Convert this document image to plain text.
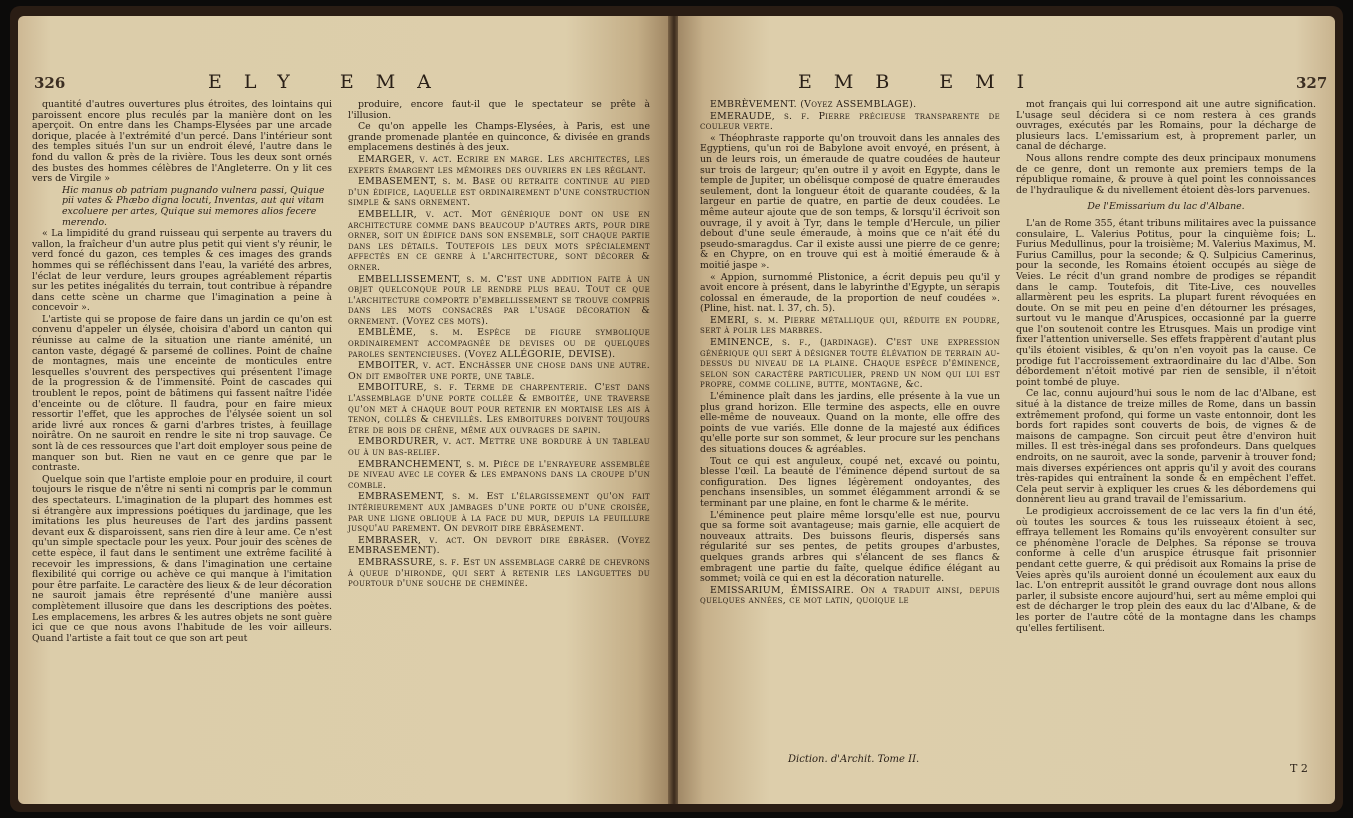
326	ELY EMA

quantité d'autres ouvertures plus étroites, des lointains qui paroissent encore plus reculés par la manière dont on les aperçoit. On entre dans les Champs-Elysées par une arcade dorique, placée à l'extrémité d'un percé. Dans l'intérieur sont des temples situés l'un sur un endroit élevé, l'autre dans le fond du vallon & près de la rivière. Tous les deux sont ornés des bustes des hommes célèbres de l'Angleterre. On y lit ces vers de Virgile »

Hic manus ob patriam pugnando vulnera passi, Quique pii vates & Phæbo digna locuti, Inventas, aut qui vitam excoluere per artes, Quique sui memores alios fecere merendo.

« La limpidité du grand ruisseau qui serpente au travers du vallon, la fraîcheur d'un autre plus petit qui vient s'y réunir, le verd foncé du gazon, ces temples & ces images des grands hommes qui se réfléchissent dans l'eau, la variété des arbres, l'éclat de leur verdure, leurs groupes agréablement répartis sur les petites inégalités du terrain, tout contribue à répandre dans cette scène un charme que l'imagination a peine à concevoir ».

L'artiste qui se propose de faire dans un jardin ce qu'on est convenu d'appeler un élysée, choisira d'abord un canton qui réunisse au calme de la situation une riante aménité, un canton vaste, dégagé & parsemé de collines. Point de chaîne de montagnes, mais une enceinte de monticules entre lesquelles s'ouvrent des perspectives qui présentent l'image de la progression & de l'immensité. Point de cascades qui troublent le repos, point de bâtimens qui fassent naître l'idée d'enceinte ou de clôture. Il faudra, pour en faire mieux ressortir l'effet, que les approches de l'élysée soient un sol aride livré aux ronces & garni d'arbres tristes, à feuillage noirâtre. On ne sauroit en rendre le site ni trop sauvage. Ce sont là de ces ressources que l'art doit employer sous peine de manquer son but. Rien ne vaut en ce genre que par le contraste.

Quelque soin que l'artiste emploie pour en produire, il court toujours le risque de n'être ni senti ni compris par le commun des spectateurs. L'imagination de la plupart des hommes est si étrangère aux impressions poétiques du jardinage, que les imitations les plus heureuses de l'art des jardins passent devant eux & disparoissent, sans rien dire à leur ame. Ce n'est qu'un simple spectacle pour les yeux. Pour jouir des scènes de cette espèce, il faut dans le sentiment une extrême facilité à recevoir les impressions, & dans l'imagination une certaine flexibilité qui corrige ou achève ce qui manque à l'imitation pour être parfaite. Le caractère des lieux & de leur décoration ne sauroit jamais être représenté d'une manière aussi complètement illusoire que dans les descriptions des poètes. Les emplacemens, les arbres & les autres objets ne sont guère ici que ce que nous avons l'habitude de les voir ailleurs. Quand l'artiste a fait tout ce que son art peut

produire, encore faut-il que le spectateur se prête à l'illusion.

Ce qu'on appelle les Champs-Elysées, à Paris, est une grande promenade plantée en quinconce, & divisée en grands emplacemens destinés à des jeux.

EMARGER, v. act. Ecrire en marge. Les architectes, les experts émargent les mémoires des ouvriers en les réglant.

EMBASEMENT, s. m. Base ou retraite continue au pied d'un édifice, laquelle est ordinairement d'une construction simple & sans ornement.

EMBELLIR, v. act. Mot générique dont on use en architecture comme dans beaucoup d'autres arts, pour dire orner, soit un édifice dans son ensemble, soit chaque partie dans les détails. Toutefois les deux mots spécialement affectés en ce genre à l'architecture, sont décorer & orner.

EMBELLISSEMENT, s. m. C'est une addition faite à un objet quelconque pour le rendre plus beau. Tout ce que l'architecture comporte d'embellissement se trouve compris dans les mots consacrés par l'usage décoration & ornement. (Voyez ces mots).

EMBLÈME, s. m. Espèce de figure symbolique ordinairement accompagnée de devises ou de quelques paroles sentencieuses. (Voyez ALLÉGORIE, DEVISE).

EMBOITER, v. act. Enchâsser une chose dans une autre. On dit emboîter une porte, une table.

EMBOITURE, s. f. Terme de charpenterie. C'est dans l'assemblage d'une porte collée & emboitée, une traverse qu'on met à chaque bout pour retenir en mortaise les ais à tenon, collés & chevillés. Les emboitures doivent toujours être de bois de chêne, même aux ouvrages de sapin.

EMBORDURER, v. act. Mettre une bordure à un tableau ou à un bas-relief.

EMBRANCHEMENT, s. m. Pièce de l'enrayeure assemblée de niveau avec le coyer & les empanons dans la croupe d'un comble.

EMBRASEMENT, s. m. Est l'élargissement qu'on fait intérieurement aux jambages d'une porte ou d'une croisée, par une ligne oblique à la face du mur, depuis la feuillure jusqu'au parement. On devroit dire ébrâsement.

EMBRASER, v. act. On devroit dire ébrâser. (Voyez EMBRASEMENT).

EMBRASSURE, s. f. Est un assemblage carré de chevrons à queue d'hironde, qui sert à retenir les languettes du pourtour d'une souche de cheminée.

EMB EMI	327

EMBRÈVEMENT. (Voyez ASSEMBLAGE).

EMERAUDE, s. f. Pierre précieuse transparente de couleur verte.

« Théophraste rapporte qu'on trouvoit dans les annales des Egyptiens, qu'un roi de Babylone avoit envoyé, en présent, à un de leurs rois, un émeraude de quatre coudées de hauteur sur trois de largeur; qu'en outre il y avoit en Egypte, dans le temple de Jupiter, un obélisque composé de quatre émeraudes seulement, dont la longueur étoit de quarante coudées, & la largeur en partie de quatre, en partie de deux coudées. Le même auteur ajoute que de son temps, & lorsqu'il écrivoit son ouvrage, il y avoit à Tyr, dans le temple d'Hercule, un pilier debout d'une seule émeraude, à moins que ce n'ait été du pseudo-smaragdus. Car il existe aussi une pierre de ce genre; & en Chypre, on en trouve qui est à moitié émeraude & à moitié jaspe ».

« Appion, surnommé Plistonice, a écrit depuis peu qu'il y avoit encore à présent, dans le labyrinthe d'Egypte, un sérapis colossal en émeraude, de la proportion de neuf coudées ». (Pline, hist. nat. l. 37, ch. 5).

EMERI, s. m. Pierre métallique qui, réduite en poudre, sert à polir les marbres.

EMINENCE, s. f., (jardinage). C'est une expression générique qui sert à désigner toute élévation de terrain au-dessus du niveau de la plaine. Chaque espèce d'éminence, selon son caractère particulier, prend un nom qui lui est propre, comme colline, butte, montagne, &c.

L'éminence plaît dans les jardins, elle présente à la vue un plus grand horizon. Elle termine des aspects, elle en ouvre elle-même de nouveaux. Quand on la monte, elle offre des points de vue variés. Elle donne de la majesté aux édifices qu'elle porte sur son sommet, & leur procure sur les penchans des situations douces & agréables.

Tout ce qui est anguleux, coupé net, excavé ou pointu, blesse l'œil. La beauté de l'éminence dépend surtout de sa configuration. Des lignes légèrement ondoyantes, des penchans insensibles, un sommet élégamment arrondi & se terminant par une plaine, en font le charme & le mérite.

L'éminence peut plaire même lorsqu'elle est nue, pourvu que sa forme soit avantageuse; mais garnie, elle acquiert de nouveaux attraits. Des buissons fleuris, dispersés sans régularité sur ses pentes, de petits groupes d'arbustes, quelques grands arbres qui s'élancent de ses flancs & embragent une partie du faîte, quelque édifice élégant au sommet; voilà ce qui en est la décoration naturelle.

EMISSARIUM, ÉMISSAIRE. On a traduit ainsi, depuis quelques années, ce mot latin, quoique le

mot français qui lui correspond ait une autre signification. L'usage seul décidera si ce nom restera à ces grands ouvrages, exécutés par les Romains, pour la décharge de plusieurs lacs. L'emissarium est, à proprement parler, un canal de décharge.

Nous allons rendre compte des deux principaux monumens de ce genre, dont un remonte aux premiers temps de la république romaine, & prouve à quel point les connoissances de l'hydraulique & du nivellement étoient dès-lors parvenues.

De l'Emissarium du lac d'Albane.

L'an de Rome 355, étant tribuns militaires avec la puissance consulaire, L. Valerius Potitus, pour la cinquième fois; L. Furius Medullinus, pour la troisième; M. Valerius Maximus, M. Furius Camillus, pour la seconde; & Q. Sulpicius Camerinus, pour la seconde, les Romains étoient occupés au siège de Veies. Le récit d'un grand nombre de prodiges se répandit dans le camp. Toutefois, dit Tite-Live, ces nouvelles allarmèrent peu les esprits. La plupart furent révoquées en doute. On se mit peu en peine d'en détourner les présages, surtout vu le manque d'Aruspices, occasionné par la guerre que l'on soutenoit contre les Etrusques. Mais un prodige vint fixer l'attention universelle. Ses effets frappèrent d'autant plus qu'ils étoient visibles, & qu'on n'en voyoit pas la cause. Ce prodige fut l'accroissement extraordinaire du lac d'Albe. Son débordement n'étoit motivé par rien de sensible, il n'étoit point tombé de pluye.

Ce lac, connu aujourd'hui sous le nom de lac d'Albane, est situé à la distance de treize milles de Rome, dans un bassin extrêmement profond, qui forme un vaste entonnoir, dont les bords fort rapides sont couverts de bois, de vignes & de maisons de campagne. Son circuit peut être d'environ huit milles. Il est très-inégal dans ses profondeurs. Dans quelques endroits, on ne sauroit, avec la sonde, parvenir à trouver fond; mais diverses expériences ont appris qu'il y avoit des courans très-rapides qui entraînent la sonde & en empêchent l'effet. Cela peut servir à expliquer les crues & les débordemens qui donnèrent lieu au grand travail de l'emissarium.

Le prodigieux accroissement de ce lac vers la fin d'un été, où toutes les sources & tous les ruisseaux étoient à sec, effraya tellement les Romains qu'ils envoyèrent consulter sur ce phénomène l'oracle de Delphes. Sa réponse se trouva conforme à celle d'un aruspice étrusque fait prisonnier pendant cette guerre, & qui prédisoit aux Romains la prise de Veies après qu'ils auroient donné un écoulement aux eaux du lac. L'on entreprit aussitôt le grand ouvrage dont nous allons parler, il subsiste encore aujourd'hui, sert au même emploi qui est de décharger le trop plein des eaux du lac d'Albane, & de les porter de l'autre côté de la montagne dans les champs qu'elles fertilisent.

Diction. d'Archit. Tome II.
T 2
